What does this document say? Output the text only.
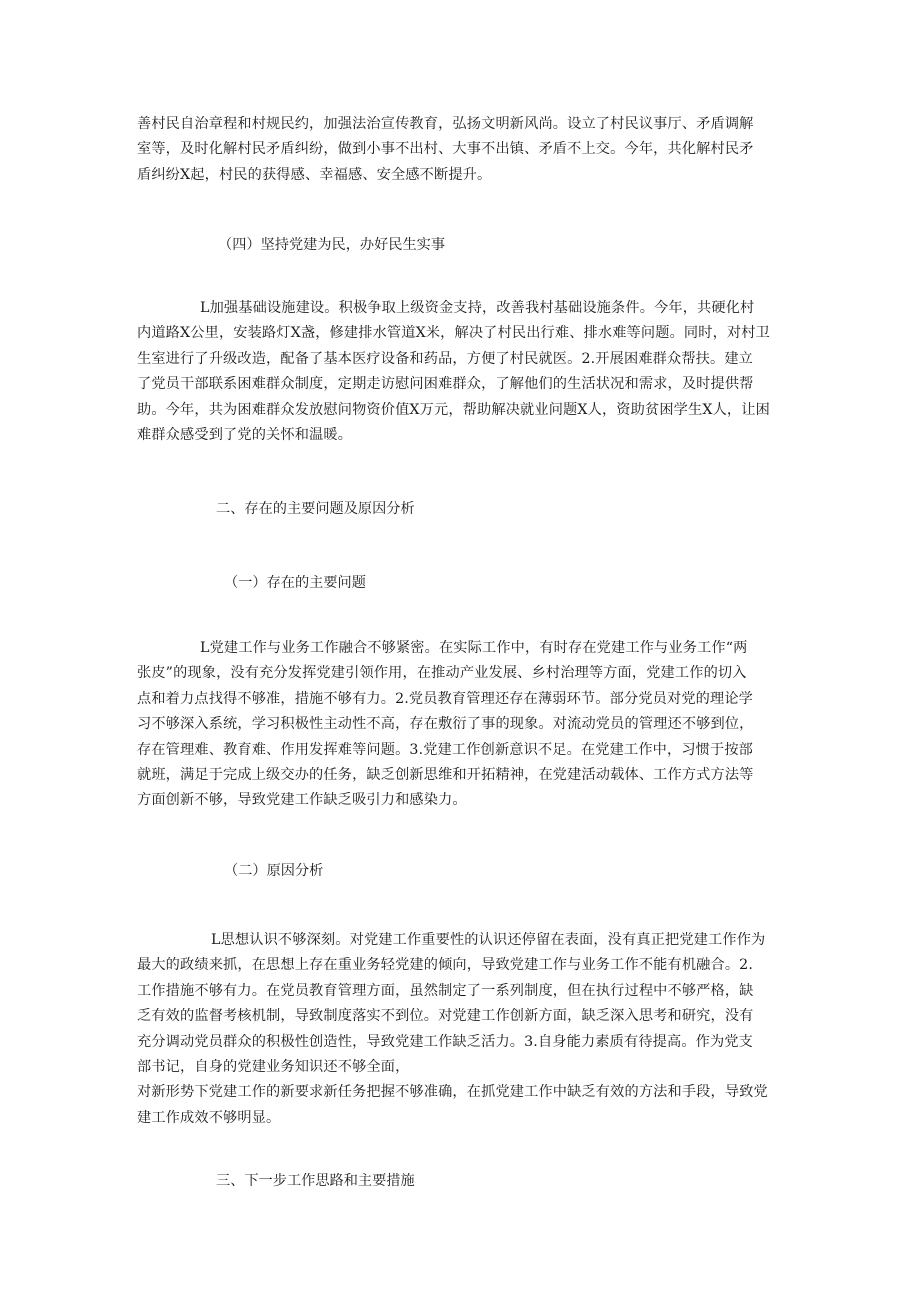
善村民自治章程和村规民约，加强法治宣传教育，弘扬文明新风尚。设立了村民议事厅、矛盾调解
室等，及时化解村民矛盾纠纷，做到小事不出村、大事不出镇、矛盾不上交。今年，共化解村民矛
盾纠纷X起，村民的获得感、幸福感、安全感不断提升。
（四）坚持党建为民，办好民生实事
L加强基础设施建设。积极争取上级资金支持，改善我村基础设施条件。今年，共硬化村
内道路X公里，安装路灯X盏，修建排水管道X米，解决了村民出行难、排水难等问题。同时，对村卫
生室进行了升级改造，配备了基本医疗设备和药品，方便了村民就医。2.开展困难群众帮扶。建立
了党员干部联系困难群众制度，定期走访慰问困难群众，了解他们的生活状况和需求，及时提供帮
助。今年，共为困难群众发放慰问物资价值X万元，帮助解决就业问题X人，资助贫困学生X人，让困
难群众感受到了党的关怀和温暖。
二、存在的主要问题及原因分析
（一）存在的主要问题
L党建工作与业务工作融合不够紧密。在实际工作中，有时存在党建工作与业务工作“两
张皮”的现象，没有充分发挥党建引领作用，在推动产业发展、乡村治理等方面，党建工作的切入
点和着力点找得不够准，措施不够有力。2.党员教育管理还存在薄弱环节。部分党员对党的理论学
习不够深入系统，学习积极性主动性不高，存在敷衍了事的现象。对流动党员的管理还不够到位，
存在管理难、教育难、作用发挥难等问题。3.党建工作创新意识不足。在党建工作中，习惯于按部
就班，满足于完成上级交办的任务，缺乏创新思维和开拓精神，在党建活动载体、工作方式方法等
方面创新不够，导致党建工作缺乏吸引力和感染力。
（二）原因分析
L思想认识不够深刻。对党建工作重要性的认识还停留在表面，没有真正把党建工作作为
最大的政绩来抓，在思想上存在重业务轻党建的倾向，导致党建工作与业务工作不能有机融合。2.
工作措施不够有力。在党员教育管理方面，虽然制定了一系列制度，但在执行过程中不够严格，缺
乏有效的监督考核机制，导致制度落实不到位。对党建工作创新方面，缺乏深入思考和研究，没有
充分调动党员群众的积极性创造性，导致党建工作缺乏活力。3.自身能力素质有待提高。作为党支
部书记，自身的党建业务知识还不够全面，
对新形势下党建工作的新要求新任务把握不够准确，在抓党建工作中缺乏有效的方法和手段，导致党
建工作成效不够明显。
三、下一步工作思路和主要措施
